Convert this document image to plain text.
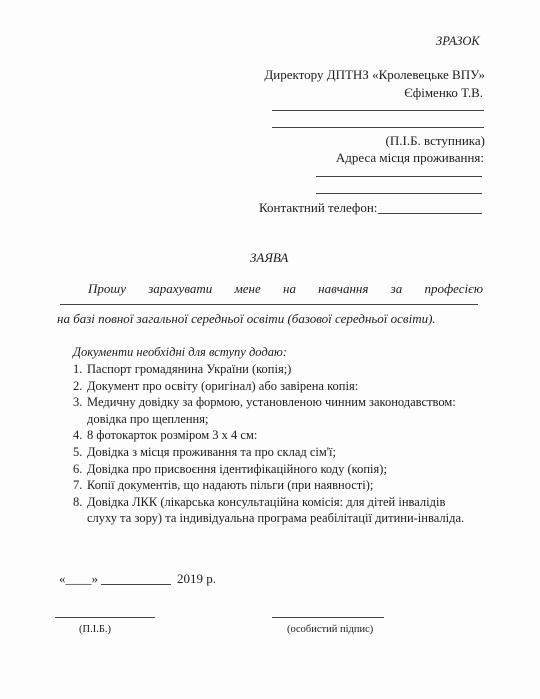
ЗРАЗОК
Директору ДПТНЗ «Кролевецьке ВПУ»
Єфіменко Т.В.
(П.І.Б. вступника)
Адреса місця проживання:
Контактний телефон:
ЗАЯВА
Прошу зарахувати мене на навчання за професією
на базі повної загальної середньої освіти (базової середньої освіти).
Документи необхідні для вступу додаю:
1. Паспорт громадянина України (копія;)
2. Документ про освіту (оригінал) або завірена копія:
3. Медичну довідку за формою, установленою чинним законодавством:
довідка про щеплення;
4. 8 фотокарток розміром 3 х 4 см:
5. Довідка з місця проживання та про склад сім'ї;
6. Довідка про присвоєння ідентифікаційного коду (копія);
7. Копії документів, що надають пільги (при наявності);
8. Довідка ЛКК (лікарська консультаційна комісія: для дітей інвалідів
слуху та зору) та індивідуальна програма реабілітації дитини-інваліда.
«____»	2019 р.
(П.І.Б.)	(особистий підпис)
